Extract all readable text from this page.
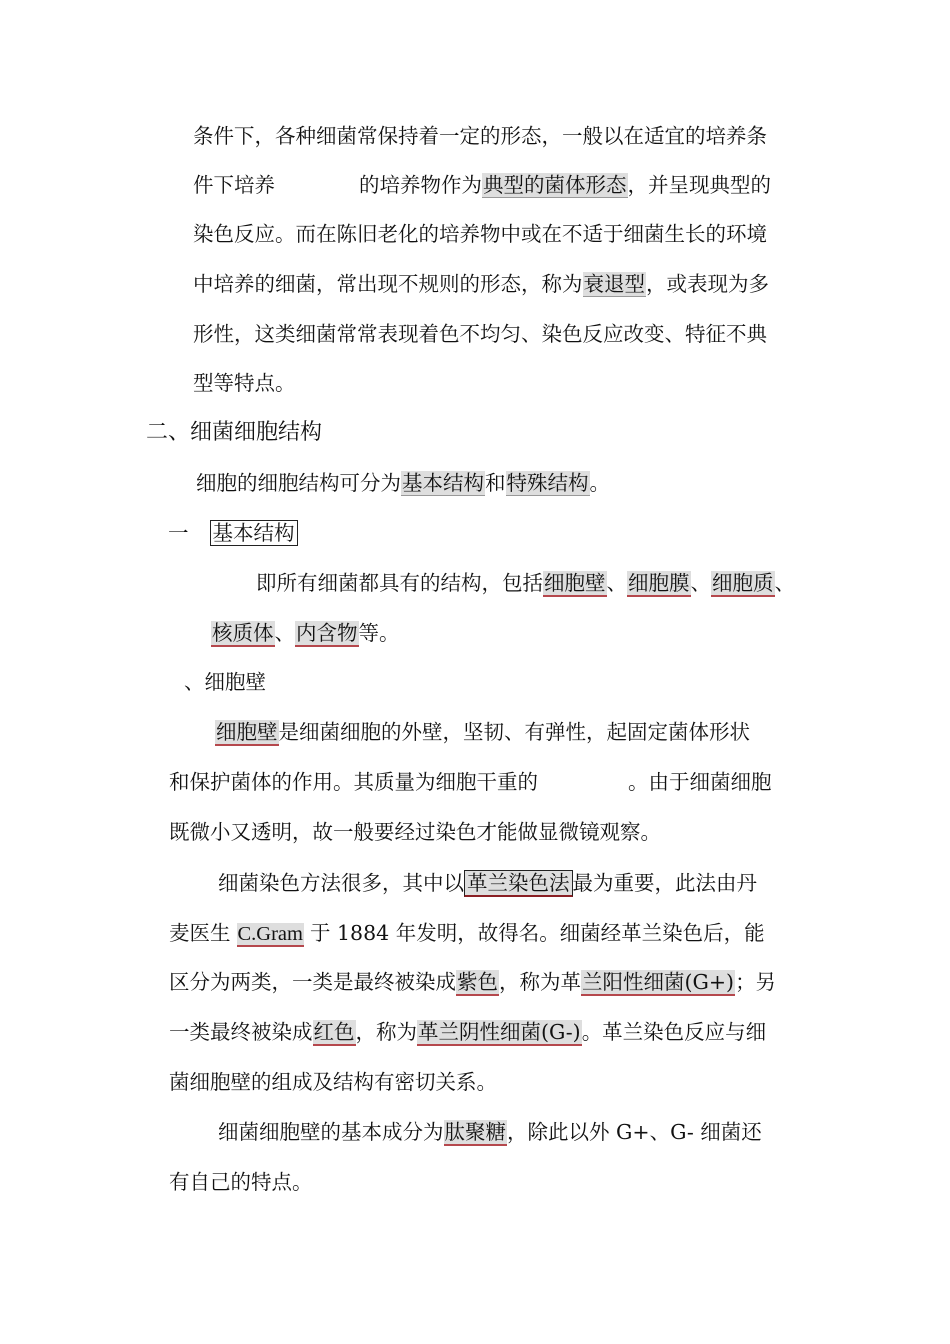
条件下，各种细菌常保持着一定的形态，一般以在适宜的培养条
件下培养	的培养物作为典型的菌体形态，并呈现典型的
染色反应。而在陈旧老化的培养物中或在不适于细菌生长的环境
中培养的细菌，常出现不规则的形态，称为衰退型，或表现为多
形性，这类细菌常常表现着色不均匀、染色反应改变、特征不典
型等特点。
二、细菌细胞结构
细胞的细胞结构可分为基本结构和特殊结构。
一 基本结构
即所有细菌都具有的结构，包括细胞壁、细胞膜、细胞质、
核质体、内含物等。
、细胞壁
细胞壁是细菌细胞的外壁，坚韧、有弹性，起固定菌体形状
和保护菌体的作用。其质量为细胞干重的	。由于细菌细胞
既微小又透明，故一般要经过染色才能做显微镜观察。
细菌染色方法很多，其中以 革兰染色法 最为重要，此法由丹
麦医生 C.Gram 于 1884 年发明，故得名。细菌经革兰染色后，能
区分为两类，一类是最终被染成紫色，称为革兰阳性细菌(G+)；另
一类最终被染成红色，称为革兰阴性细菌(G-)。革兰染色反应与细
菌细胞壁的组成及结构有密切关系。
细菌细胞壁的基本成分为肽聚糖，除此以外 G+、G- 细菌还
有自己的特点。
